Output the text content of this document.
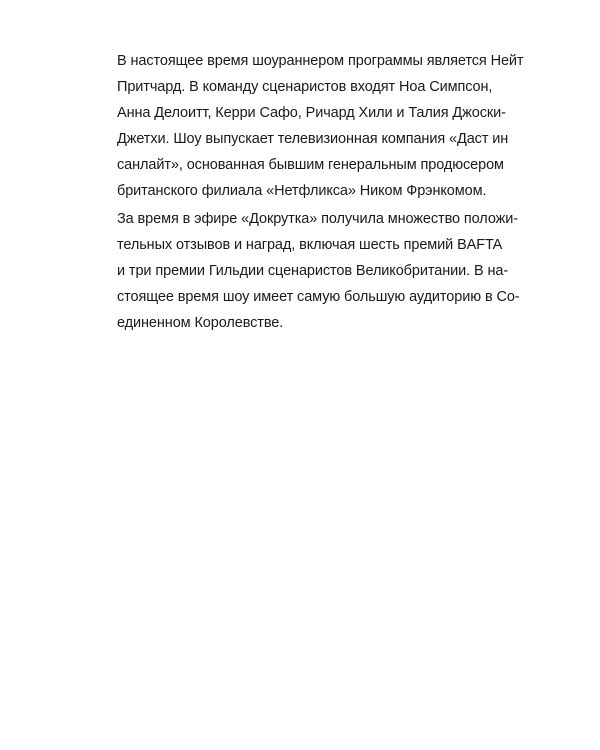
В настоящее время шоураннером программы является Нейт
Притчард. В команду сценаристов входят Ноа Симпсон,
Анна Делоитт, Керри Сафо, Ричард Хили и Талия Джоски-
Джетхи. Шоу выпускает телевизионная компания «Даст ин
санлайт», основанная бывшим генеральным продюсером
британского филиала «Нетфликса» Ником Фрэнкомом.
За время в эфире «Докрутка» получила множество положи-
тельных отзывов и наград, включая шесть премий BAFTA
и три премии Гильдии сценаристов Великобритании. В на-
стоящее время шоу имеет самую большую аудиторию в Со-
единенном Королевстве.
